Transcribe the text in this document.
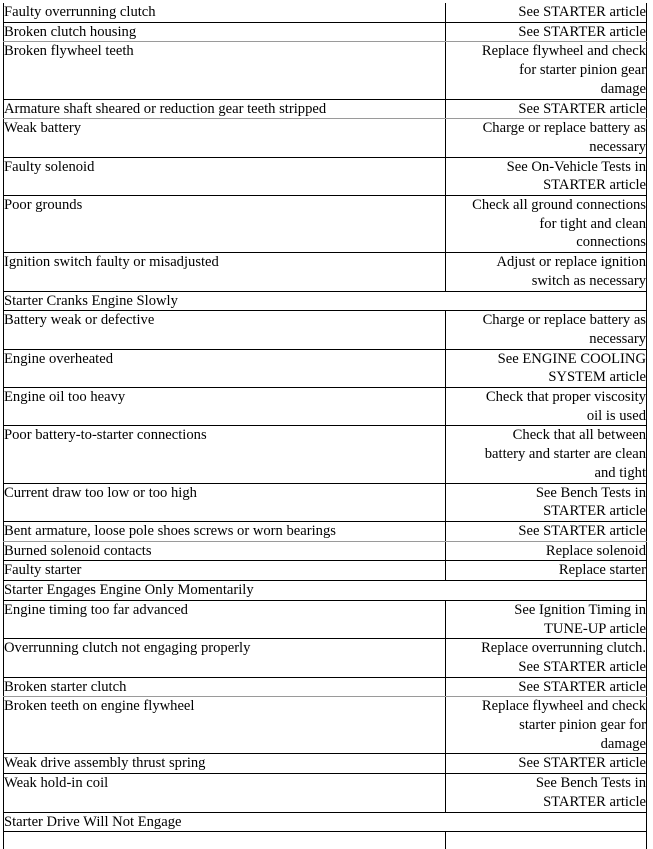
Faulty overrunning clutch	See STARTER article

Broken clutch housing	See STARTER article

Broken flywheel teeth	Replace flywheel and check
for starter pinion gear
damage

Armature shaft sheared or reduction gear teeth stripped	See STARTER article

Weak battery	Charge or replace battery as
necessary

Faulty solenoid	See On-Vehicle Tests in
STARTER article

Poor grounds	Check all ground connections
for tight and clean
connections

Ignition switch faulty or misadjusted	Adjust or replace ignition
switch as necessary

Starter Cranks Engine Slowly	
Battery weak or defective	Charge or replace battery as
necessary

Engine overheated	See ENGINE COOLING
SYSTEM article

Engine oil too heavy	Check that proper viscosity
oil is used

Poor battery-to-starter connections	Check that all between
battery and starter are clean
and tight

Current draw too low or too high	See Bench Tests in
STARTER article

Bent armature, loose pole shoes screws or worn bearings	See STARTER article

Burned solenoid contacts	Replace solenoid

Faulty starter	Replace starter

Starter Engages Engine Only Momentarily	
Engine timing too far advanced	See Ignition Timing in
TUNE-UP article

Overrunning clutch not engaging properly	Replace overrunning clutch.
See STARTER article

Broken starter clutch	See STARTER article

Broken teeth on engine flywheel	Replace flywheel and check
starter pinion gear for
damage

Weak drive assembly thrust spring	See STARTER article

Weak hold-in coil	See Bench Tests in
STARTER article

Starter Drive Will Not Engage	
